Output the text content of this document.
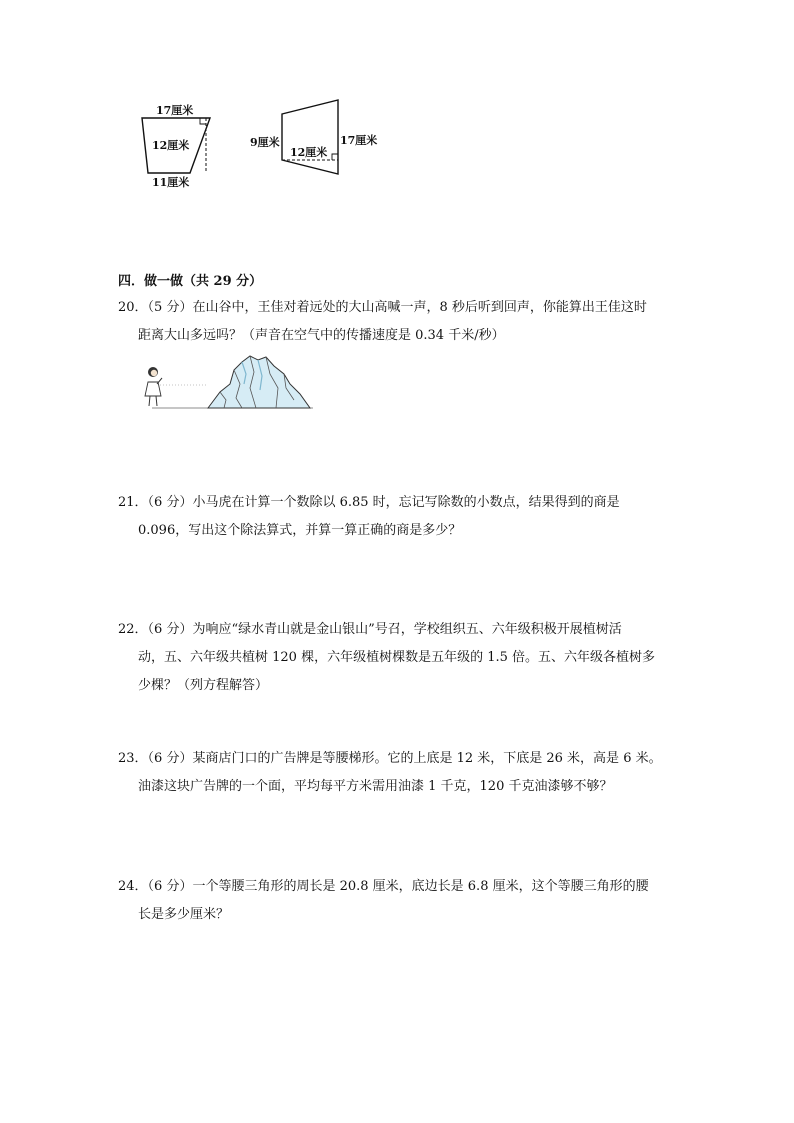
17厘米
12厘米
11厘米
9厘米	17厘米
12厘米
四．做一做（共 29 分）
20．（5 分）在山谷中，王佳对着远处的大山高喊一声，8 秒后听到回声，你能算出王佳这时
距离大山多远吗？（声音在空气中的传播速度是 0.34 千米/秒）
21．（6 分）小马虎在计算一个数除以 6.85 时，忘记写除数的小数点，结果得到的商是
0.096，写出这个除法算式，并算一算正确的商是多少？
22．（6 分）为响应“绿水青山就是金山银山”号召，学校组织五、六年级积极开展植树活
动，五、六年级共植树 120 棵，六年级植树棵数是五年级的 1.5 倍。五、六年级各植树多
少棵？（列方程解答）
23．（6 分）某商店门口的广告牌是等腰梯形。它的上底是 12 米，下底是 26 米，高是 6 米。
油漆这块广告牌的一个面，平均每平方米需用油漆 1 千克，120 千克油漆够不够？
24．（6 分）一个等腰三角形的周长是 20.8 厘米，底边长是 6.8 厘米，这个等腰三角形的腰
长是多少厘米？
